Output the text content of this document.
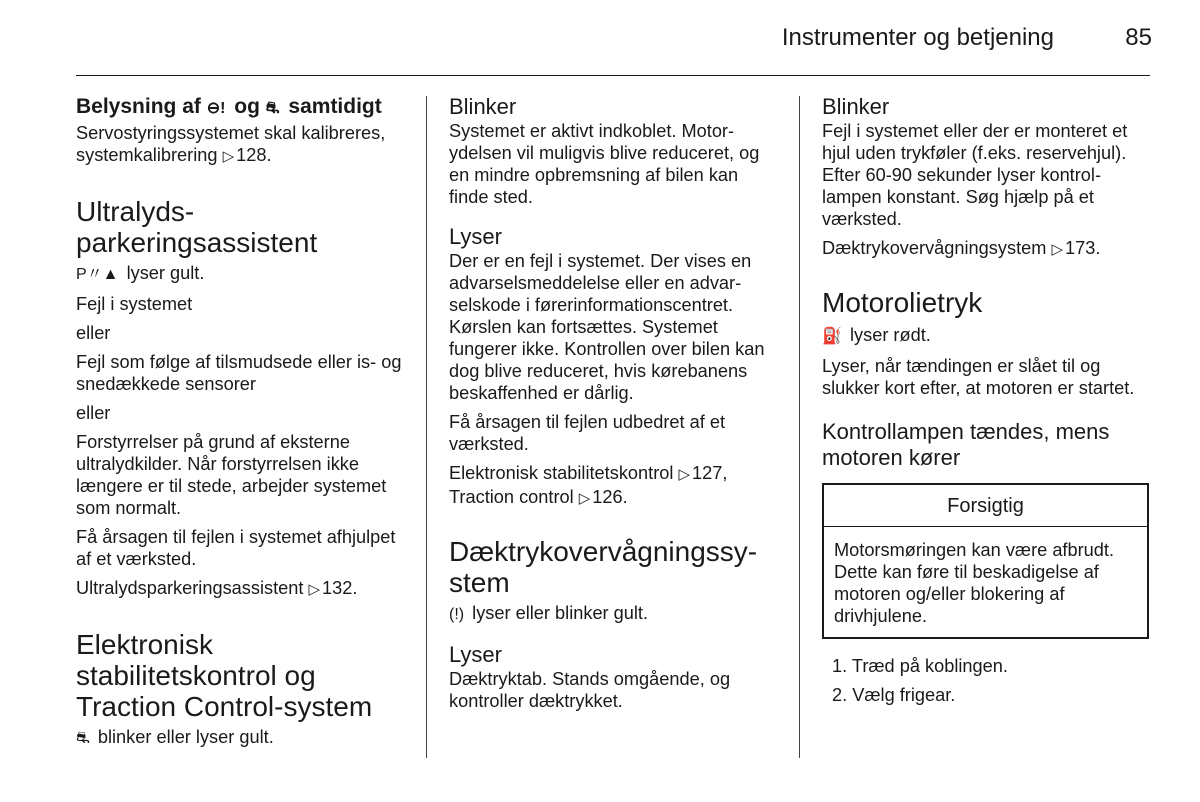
Instrumenter og betjening	85
Belysning af ⊖! og ⛐ samtidigt

Servostyringssystemet skal kalibreres, systemkalibrering ▷ 128.

Ultralyds-
parkeringsassistent

P〃▲ lyser gult.

Fejl i systemet

eller

Fejl som følge af tilsmudsede eller is- og snedækkede sensorer

eller

Forstyrrelser på grund af eksterne ultralydkilder. Når forstyrrelsen ikke længere er til stede, arbejder systemet som normalt.

Få årsagen til fejlen i systemet afhjulpet af et værksted.

Ultralydsparkeringsassistent ▷ 132.

Elektronisk
stabilitetskontrol og
Traction Control-system

⛐ blinker eller lyser gult.

Blinker

Systemet er aktivt indkoblet. Motorydelsen vil muligvis blive reduceret, og en mindre opbremsning af bilen kan finde sted.

Lyser

Der er en fejl i systemet. Der vises en advarselsmeddelelse eller en advarselskode i førerinformationscentret. Kørslen kan fortsættes. Systemet fungerer ikke. Kontrollen over bilen kan dog blive reduceret, hvis kørebаnens beskaffenhed er dårlig.

Få årsagen til fejlen udbedret af et værksted.

Elektronisk stabilitetskontrol ▷ 127,
Traction control ▷ 126.

Dæktrykovervågningssy-
stem

(!) lyser eller blinker gult.

Lyser

Dæktryktab. Stands omgående, og kontroller dæktrykket.

Blinker

Fejl i systemet eller der er monteret et hjul uden trykføler (f.eks. reservehjul). Efter 60-90 sekunder lyser kontrollampen konstant. Søg hjælp på et værksted.

Dæktrykovervågningsystem ▷ 173.

Motorolietryk

⛽ lyser rødt.

Lyser, når tændingen er slået til og slukker kort efter, at motoren er startet.

Kontrollampen tændes, mens
motoren kører
Forsigtig
Motorsmøringen kan være afbrudt. Dette kan føre til beskadigelse af motoren og/eller blokering af drivhjulene.
1. Træd på koblingen.
2. Vælg frigear.
